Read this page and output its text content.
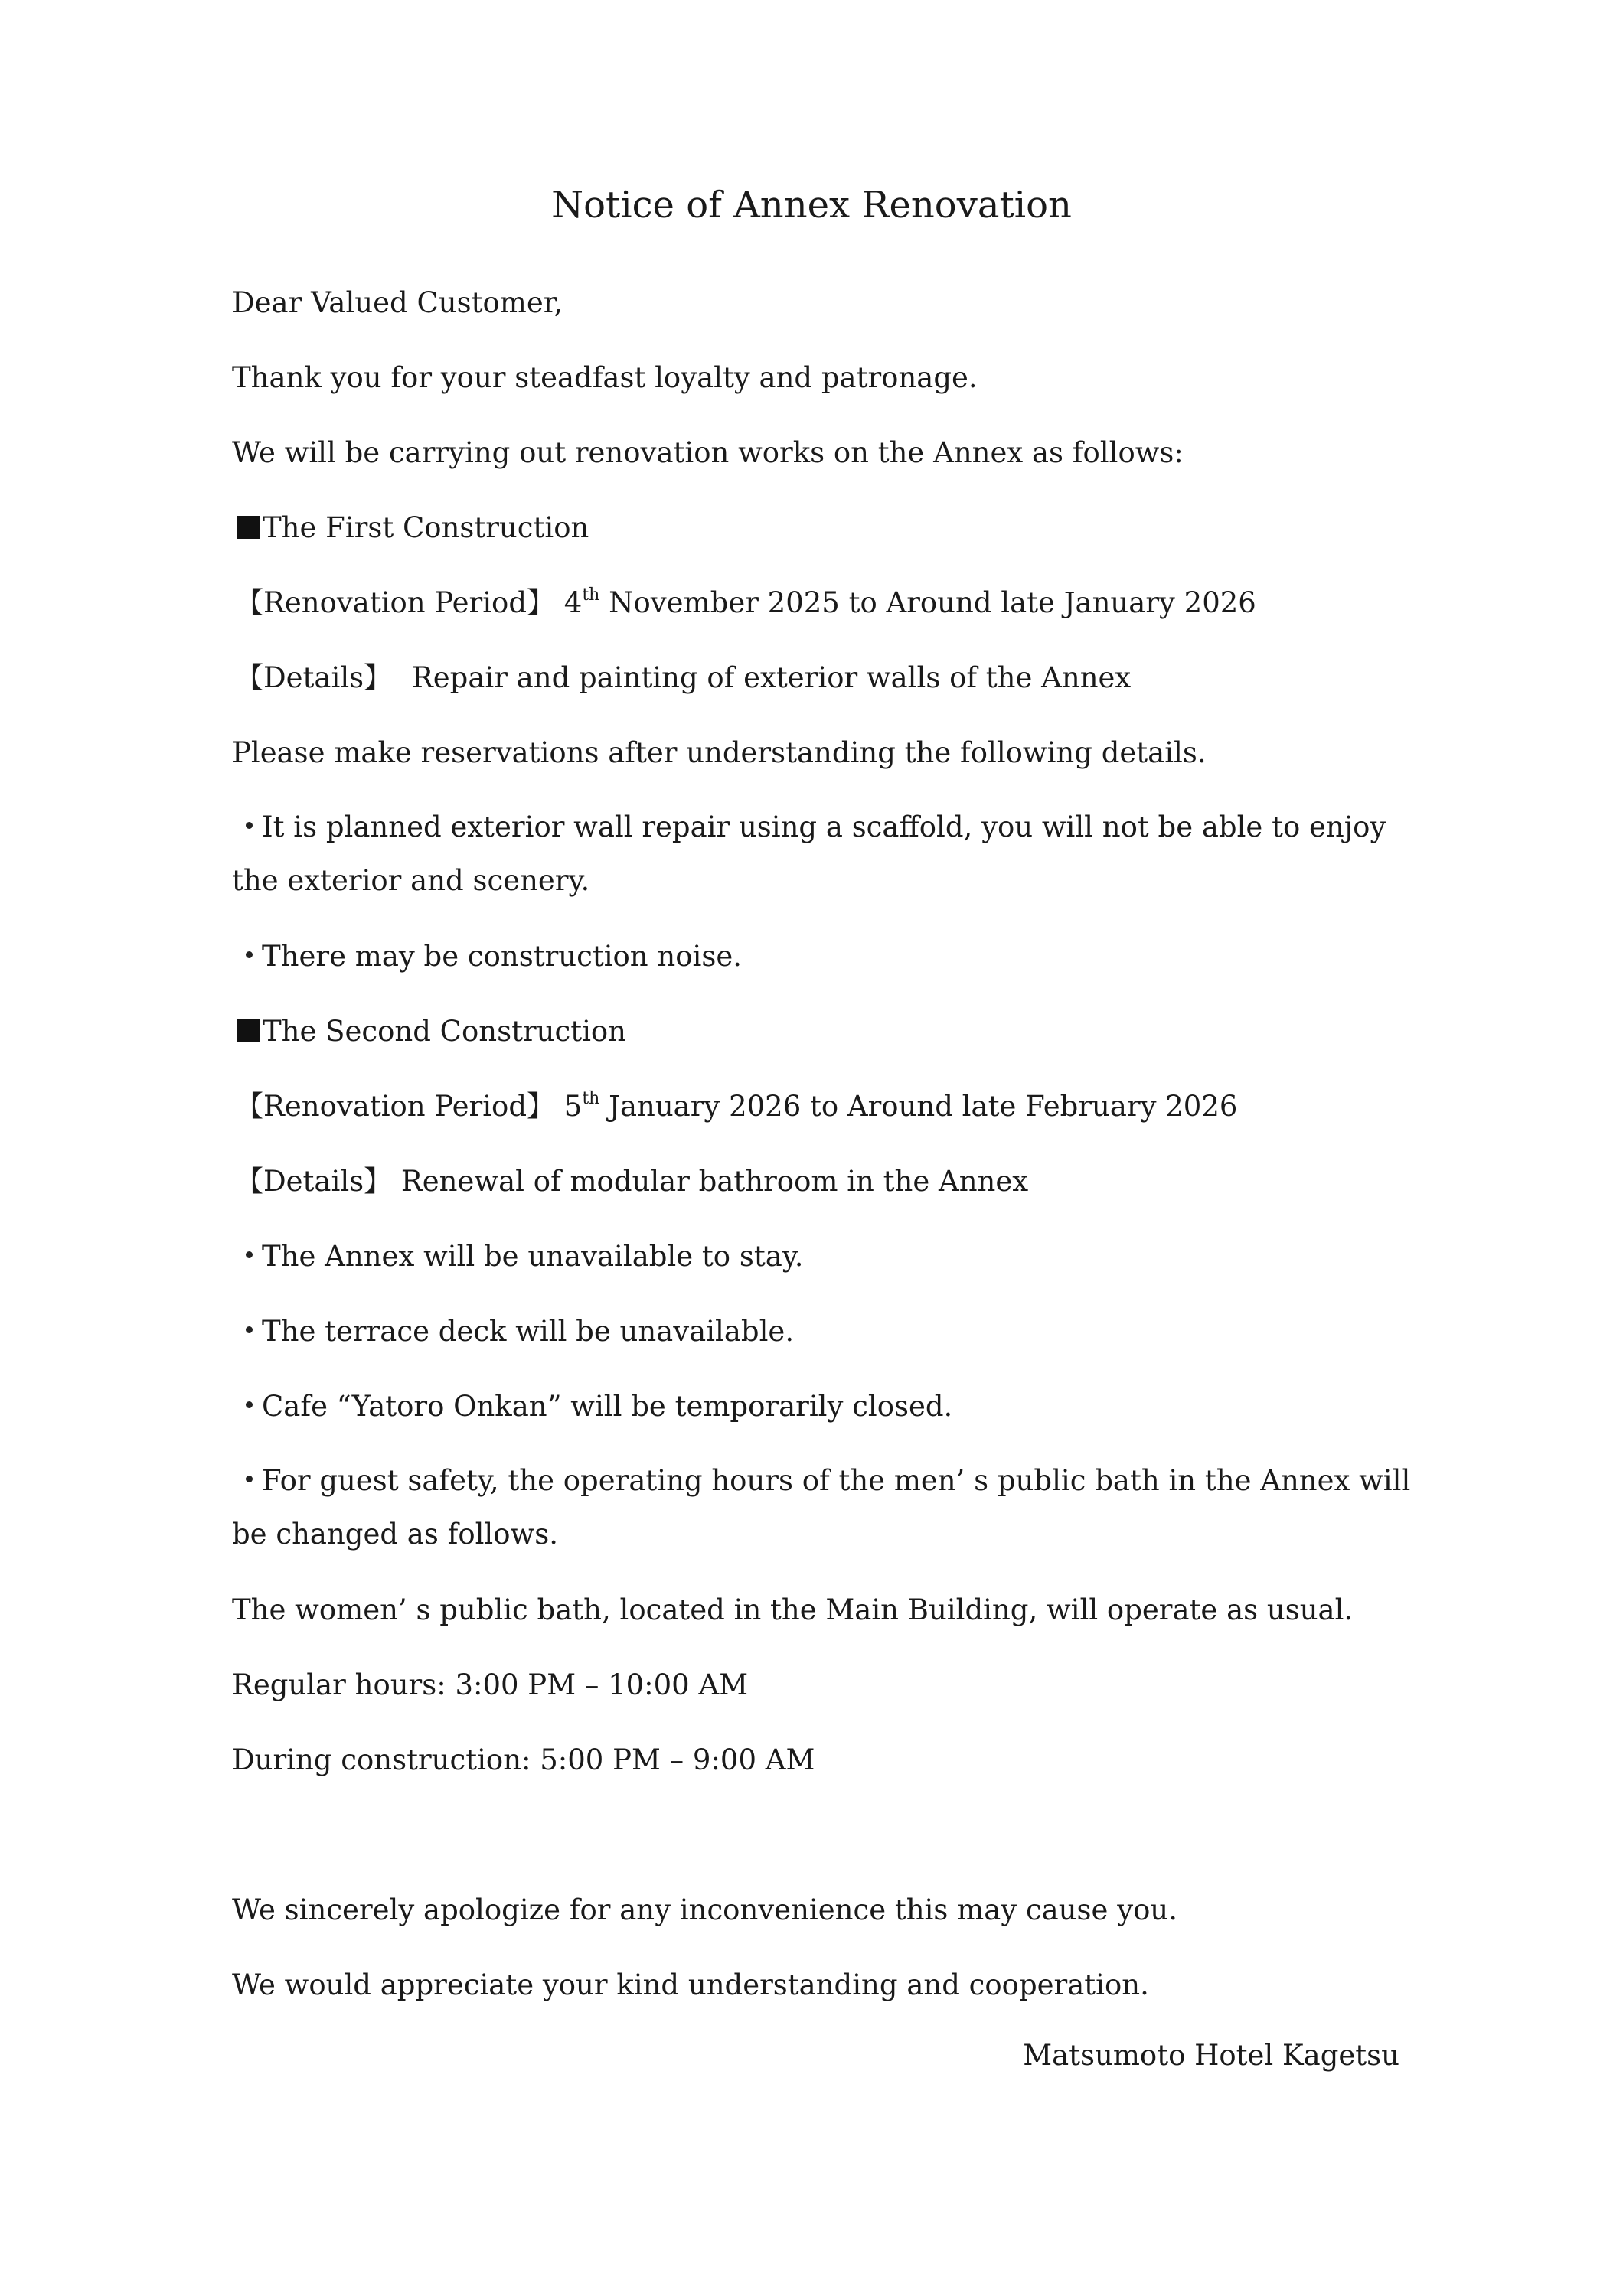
Notice of Annex Renovation

Dear Valued Customer,

Thank you for your steadfast loyalty and patronage.

We will be carrying out renovation works on the Annex as follows:

The First Construction

【Renovation Period】 4th November 2025 to Around late January 2026

【Details】 Repair and painting of exterior walls of the Annex

Please make reservations after understanding the following details.

It is planned exterior wall repair using a scaffold, you will not be able to enjoy the exterior and scenery.

There may be construction noise.

The Second Construction

【Renovation Period】 5th January 2026 to Around late February 2026

【Details】 Renewal of modular bathroom in the Annex

The Annex will be unavailable to stay.

The terrace deck will be unavailable.

Cafe “Yatoro Onkan” will be temporarily closed.

For guest safety, the operating hours of the men’ s public bath in the Annex will be changed as follows.

The women’ s public bath, located in the Main Building, will operate as usual.

Regular hours: 3:00 PM – 10:00 AM

During construction: 5:00 PM – 9:00 AM

We sincerely apologize for any inconvenience this may cause you.

We would appreciate your kind understanding and cooperation.

Matsumoto Hotel Kagetsu
